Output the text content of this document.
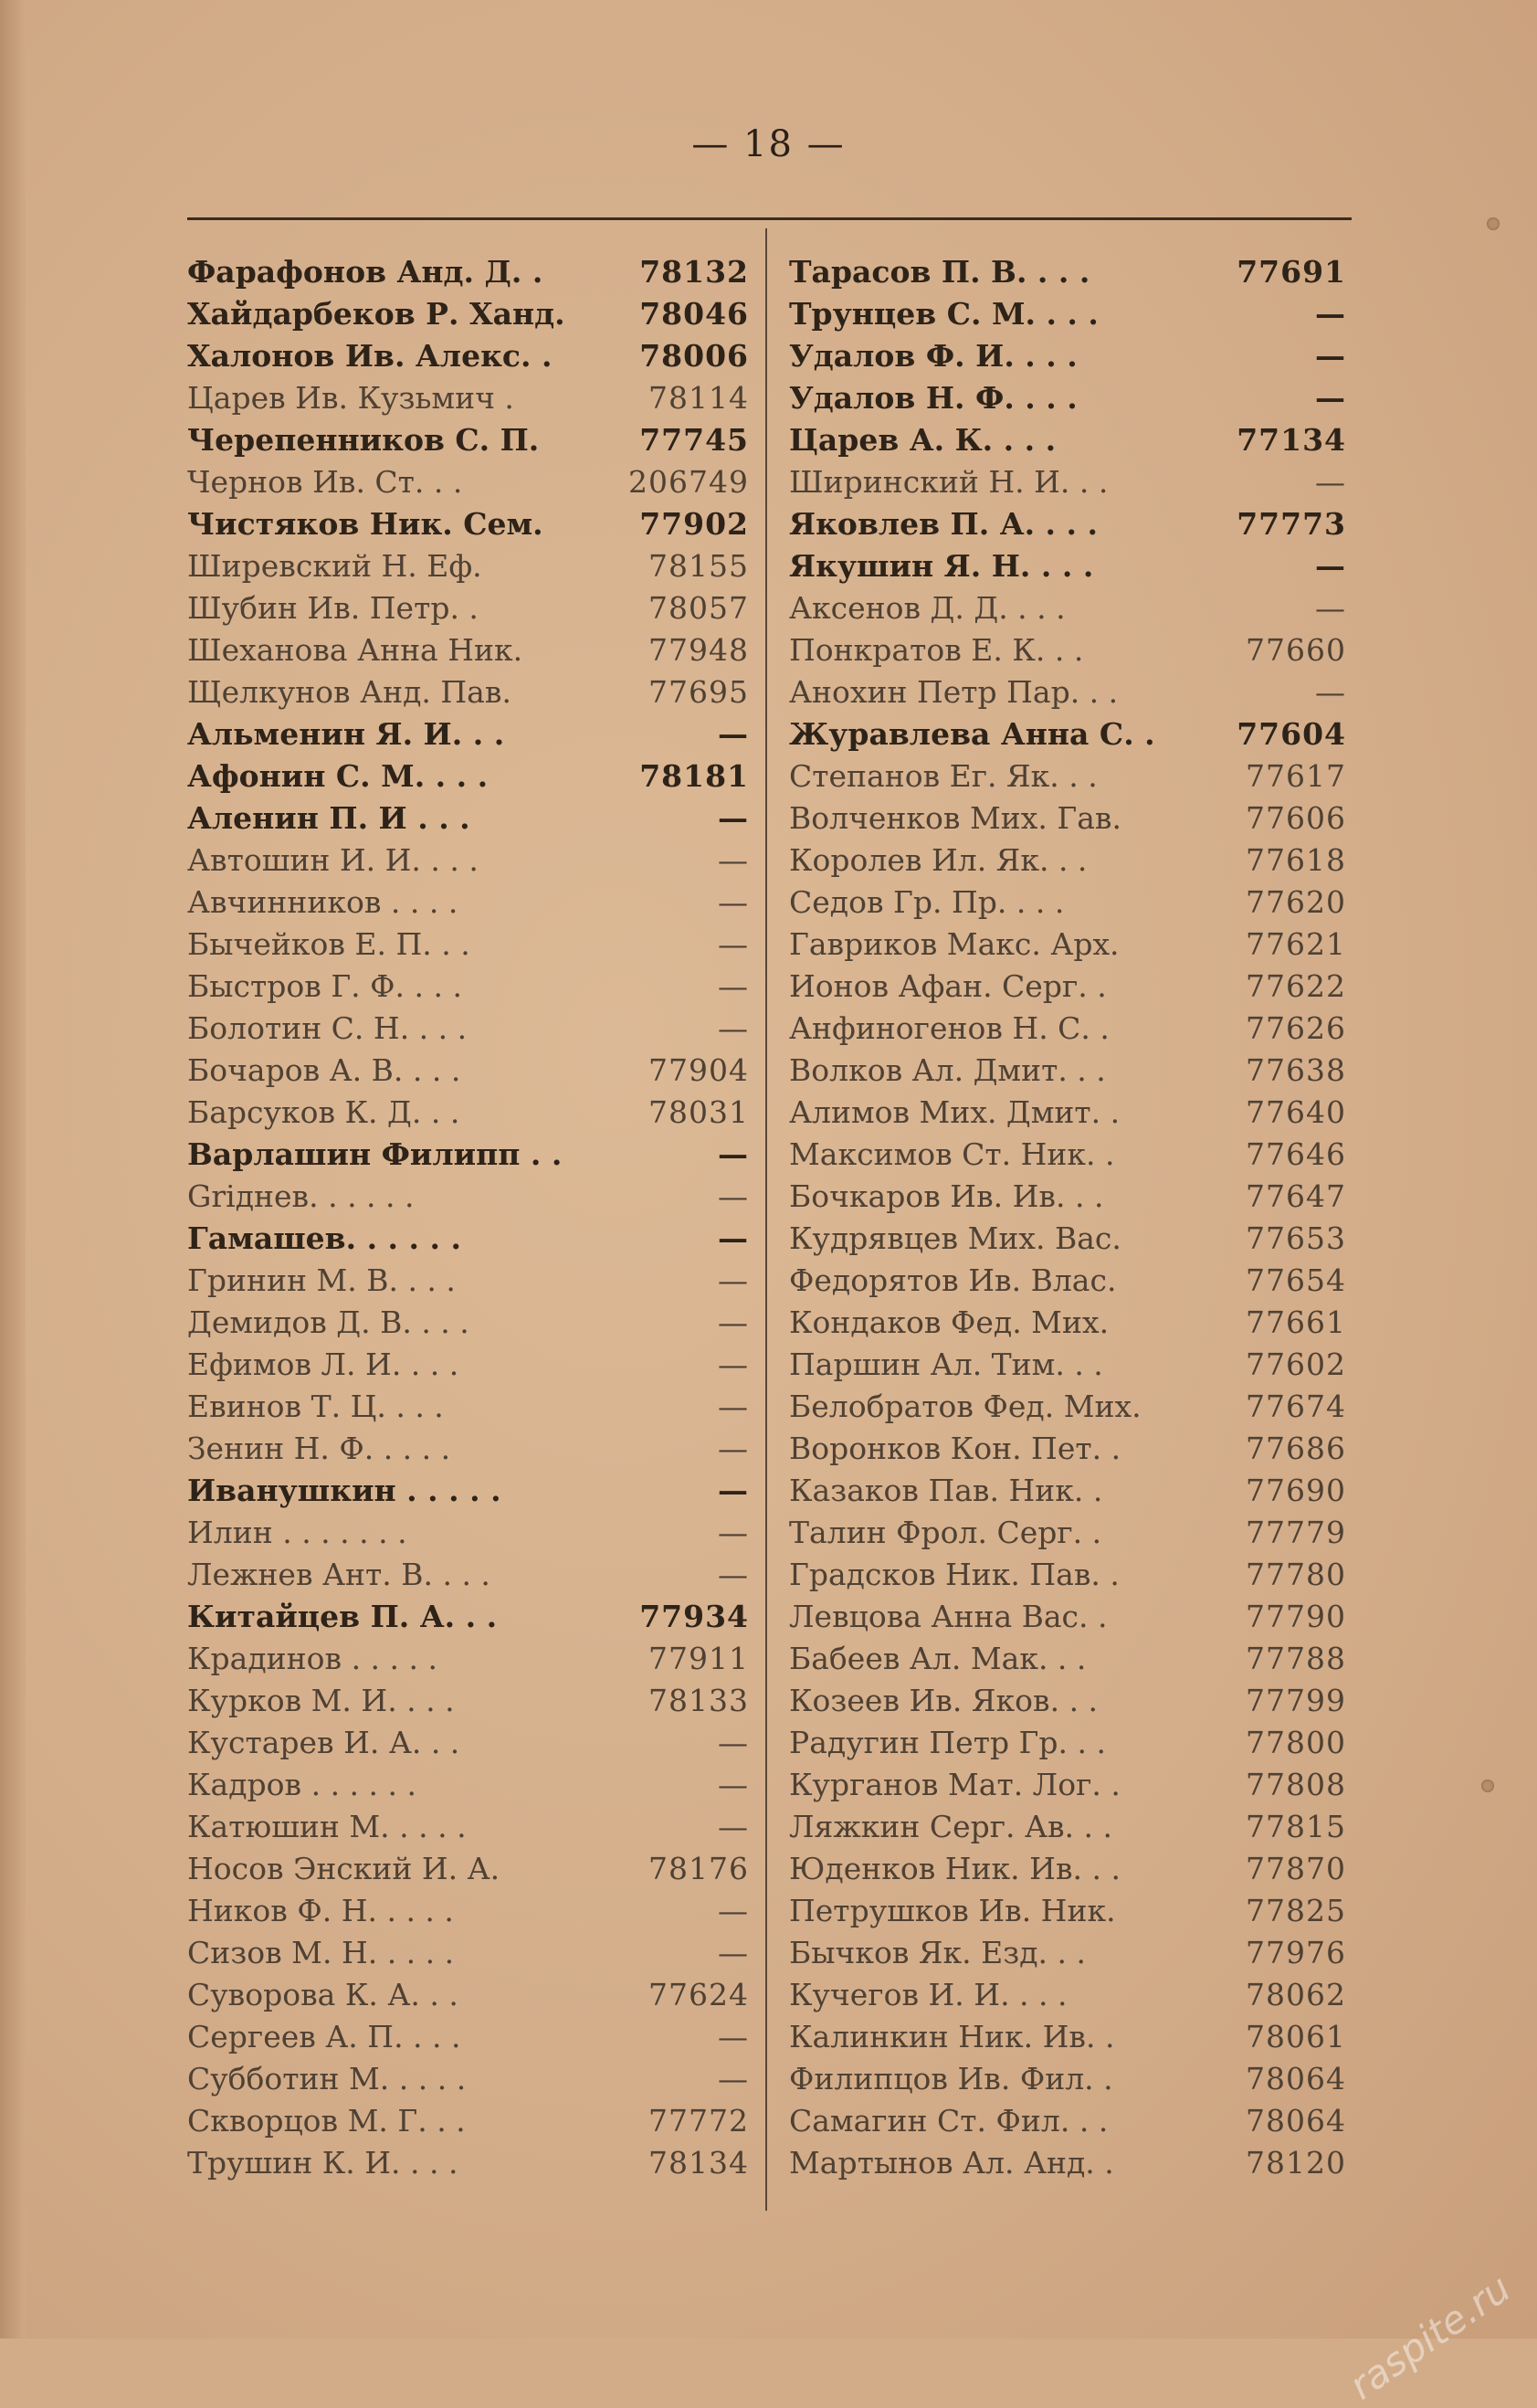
— 18 —
Фарафонов Анд. Д. .	78132
Хайдарбеков Р. Ханд.	78046
Халонов Ив. Алекс. .	78006
Царев Ив. Кузьмич .	78114
Черепенников С. П.	77745
Чернов Ив. Ст. . .	206749
Чистяков Ник. Сем.	77902
Ширевский Н. Еф.	78155
Шубин Ив. Петр. .	78057
Шеханова Анна Ник.	77948
Щелкунов Анд. Пав.	77695
Альменин Я. И. . .	—
Афонин С. М. . . .	78181
Аленин П. И . . .	—
Автошин И. И. . . .	—
Авчинников . . . .	—
Бычейков Е. П. . .	—
Быстров Г. Ф. . . .	—
Болотин С. Н. . . .	—
Бочаров А. В. . . .	77904
Барсуков К. Д. . .	78031
Варлашин Филипп . .	—
Griднев. . . . . .	—
Гамашев. . . . . .	—
Гринин М. В. . . .	—
Демидов Д. В. . . .	—
Ефимов Л. И. . . .	—
Евинов Т. Ц. . . .	—
Зенин Н. Ф. . . . .	—
Иванушкин . . . . .	—
Илин . . . . . . .	—
Лежнев Ант. В. . . .	—
Китайцев П. А. . .	77934
Крадинов . . . . .	77911
Курков М. И. . . .	78133
Кустарев И. А. . .	—
Кадров . . . . . .	—
Катюшин М. . . . .	—
Носов Энский И. А.	78176
Ников Ф. Н. . . . .	—
Сизов М. Н. . . . .	—
Суворова К. А. . .	77624
Сергеев А. П. . . .	—
Субботин М. . . . .	—
Скворцов М. Г. . .	77772
Трушин К. И. . . .	78134
Тарасов П. В. . . .	77691
Трунцев С. М. . . .	—
Удалов Ф. И. . . .	—
Удалов Н. Ф. . . .	—
Царев А. К. . . .	77134
Ширинский Н. И. . .	—
Яковлев П. А. . . .	77773
Якушин Я. Н. . . .	—
Аксенов Д. Д. . . .	—
Понкратов Е. К. . .	77660
Анохин Петр Пар. . .	—
Журавлева Анна С. .	77604
Степанов Ег. Як. . .	77617
Волченков Мих. Гав.	77606
Королев Ил. Як. . .	77618
Седов Гр. Пр. . . .	77620
Гавриков Макс. Арх.	77621
Ионов Афан. Серг. .	77622
Анфиногенов Н. С. .	77626
Волков Ал. Дмит. . .	77638
Алимов Мих. Дмит. .	77640
Максимов Ст. Ник. .	77646
Бочкаров Ив. Ив. . .	77647
Кудрявцев Мих. Вас.	77653
Федорятов Ив. Влас.	77654
Кондаков Фед. Мих.	77661
Паршин Ал. Тим. . .	77602
Белобратов Фед. Мих.	77674
Воронков Кон. Пет. .	77686
Казаков Пав. Ник. .	77690
Талин Фрол. Серг. .	77779
Градсков Ник. Пав. .	77780
Левцова Анна Вас. .	77790
Бабеев Ал. Мак. . .	77788
Козеев Ив. Яков. . .	77799
Радугин Петр Гр. . .	77800
Курганов Мат. Лог. .	77808
Ляжкин Серг. Ав. . .	77815
Юденков Ник. Ив. . .	77870
Петрушков Ив. Ник.	77825
Бычков Як. Езд. . .	77976
Кучегов И. И. . . .	78062
Калинкин Ник. Ив. .	78061
Филипцов Ив. Фил. .	78064
Самагин Ст. Фил. . .	78064
Мартынов Ал. Анд. .	78120
raspite.ru
